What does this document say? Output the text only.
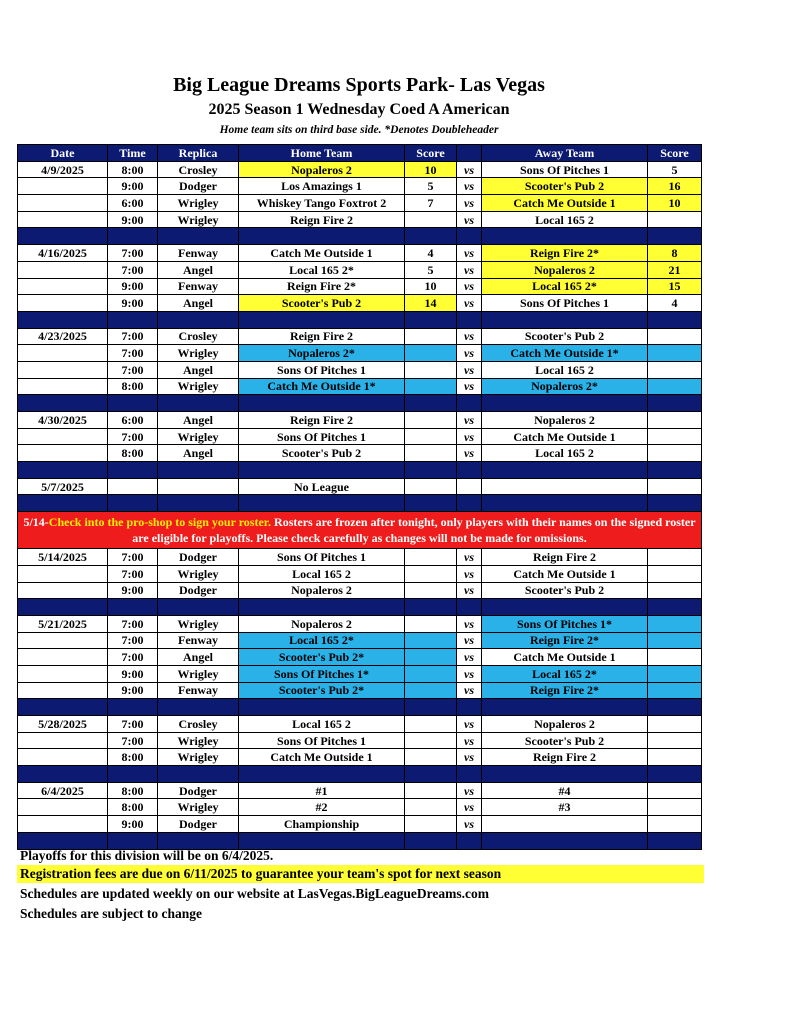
Big League Dreams Sports Park- Las Vegas
2025 Season 1 Wednesday Coed A American
Home team sits on third base side. *Denotes Doubleheader
Date	Time	Replica	Home Team	Score		Away Team	Score
4/9/2025	8:00	Crosley	Nopaleros 2	10	vs	Sons Of Pitches 1	5
	9:00	Dodger	Los Amazings 1	5	vs	Scooter's Pub 2	16
	6:00	Wrigley	Whiskey Tango Foxtrot 2	7	vs	Catch Me Outside 1	10
	9:00	Wrigley	Reign Fire 2		vs	Local 165 2	

4/16/2025	7:00	Fenway	Catch Me Outside 1	4	vs	Reign Fire 2*	8
	7:00	Angel	Local 165 2*	5	vs	Nopaleros 2	21
	9:00	Fenway	Reign Fire 2*	10	vs	Local 165 2*	15
	9:00	Angel	Scooter's Pub 2	14	vs	Sons Of Pitches 1	4

4/23/2025	7:00	Crosley	Reign Fire 2		vs	Scooter's Pub 2	
	7:00	Wrigley	Nopaleros 2*		vs	Catch Me Outside 1*	
	7:00	Angel	Sons Of Pitches 1		vs	Local 165 2	
	8:00	Wrigley	Catch Me Outside 1*		vs	Nopaleros 2*	

4/30/2025	6:00	Angel	Reign Fire 2		vs	Nopaleros 2	
	7:00	Wrigley	Sons Of Pitches 1		vs	Catch Me Outside 1	
	8:00	Angel	Scooter's Pub 2		vs	Local 165 2	

5/7/2025			No League				

5/14-Check into the pro-shop to sign your roster. Rosters are frozen after tonight, only players with their names on the signed roster are eligible for playoffs. Please check carefully as changes will not be made for omissions.							
5/14/2025	7:00	Dodger	Sons Of Pitches 1		vs	Reign Fire 2	
	7:00	Wrigley	Local 165 2		vs	Catch Me Outside 1	
	9:00	Dodger	Nopaleros 2		vs	Scooter's Pub 2	

5/21/2025	7:00	Wrigley	Nopaleros 2		vs	Sons Of Pitches 1*	
	7:00	Fenway	Local 165 2*		vs	Reign Fire 2*	
	7:00	Angel	Scooter's Pub 2*		vs	Catch Me Outside 1	
	9:00	Wrigley	Sons Of Pitches 1*		vs	Local 165 2*	
	9:00	Fenway	Scooter's Pub 2*		vs	Reign Fire 2*	

5/28/2025	7:00	Crosley	Local 165 2		vs	Nopaleros 2	
	7:00	Wrigley	Sons Of Pitches 1		vs	Scooter's Pub 2	
	8:00	Wrigley	Catch Me Outside 1		vs	Reign Fire 2	

6/4/2025	8:00	Dodger	#1		vs	#4	
	8:00	Wrigley	#2		vs	#3	
	9:00	Dodger	Championship		vs		

Playoffs for this division will be on 6/4/2025.
Registration fees are due on 6/11/2025 to guarantee your team's spot for next season
Schedules are updated weekly on our website at LasVegas.BigLeagueDreams.com
Schedules are subject to change
